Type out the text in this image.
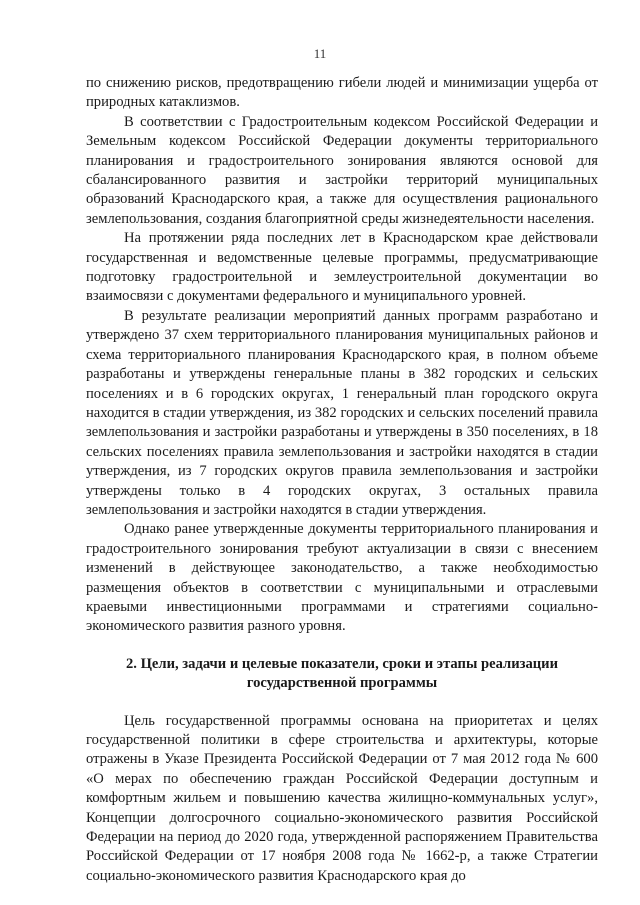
11

по снижению рисков, предотвращению гибели людей и минимизации ущерба от природных катаклизмов.

В соответствии с Градостроительным кодексом Российской Федерации и Земельным кодексом Российской Федерации документы территориального планирования и градостроительного зонирования являются основой для сбалансированного развития и застройки территорий муниципальных образований Краснодарского края, а также для осуществления рационального землепользования, создания благоприятной среды жизнедеятельности населения.

На протяжении ряда последних лет в Краснодарском крае действовали государственная и ведомственные целевые программы, предусматривающие подготовку градостроительной и землеустроительной документации во взаимосвязи с документами федерального и муниципального уровней.

В результате реализации мероприятий данных программ разработано и утверждено 37 схем территориального планирования муниципальных районов и схема территориального планирования Краснодарского края, в полном объеме разработаны и утверждены генеральные планы в 382 городских и сельских поселениях и в 6 городских округах, 1 генеральный план городского округа находится в стадии утверждения, из 382 городских и сельских поселений правила землепользования и застройки разработаны и утверждены в 350 поселениях, в 18 сельских поселениях правила землепользования и застройки находятся в стадии утверждения, из 7 городских округов правила землепользования и застройки утверждены только в 4 городских округах, 3 остальных правила землепользования и застройки находятся в стадии утверждения.

Однако ранее утвержденные документы территориального планирования и градостроительного зонирования требуют актуализации в связи с внесением изменений в действующее законодательство, а также необходимостью размещения объектов в соответствии с муниципальными и отраслевыми краевыми инвестиционными программами и стратегиями социально-экономического развития разного уровня.

2. Цели, задачи и целевые показатели, сроки и этапы реализации
государственной программы

Цель государственной программы основана на приоритетах и целях государственной политики в сфере строительства и архитектуры, которые отражены в Указе Президента Российской Федерации от 7 мая 2012 года № 600 «О мерах по обеспечению граждан Российской Федерации доступным и комфортным жильем и повышению качества жилищно-коммунальных услуг», Концепции долгосрочного социально-экономического развития Российской Федерации на период до 2020 года, утвержденной распоряжением Правительства Российской Федерации от 17 ноября 2008 года № 1662-р, а также Стратегии социально-экономического развития Краснодарского края до
